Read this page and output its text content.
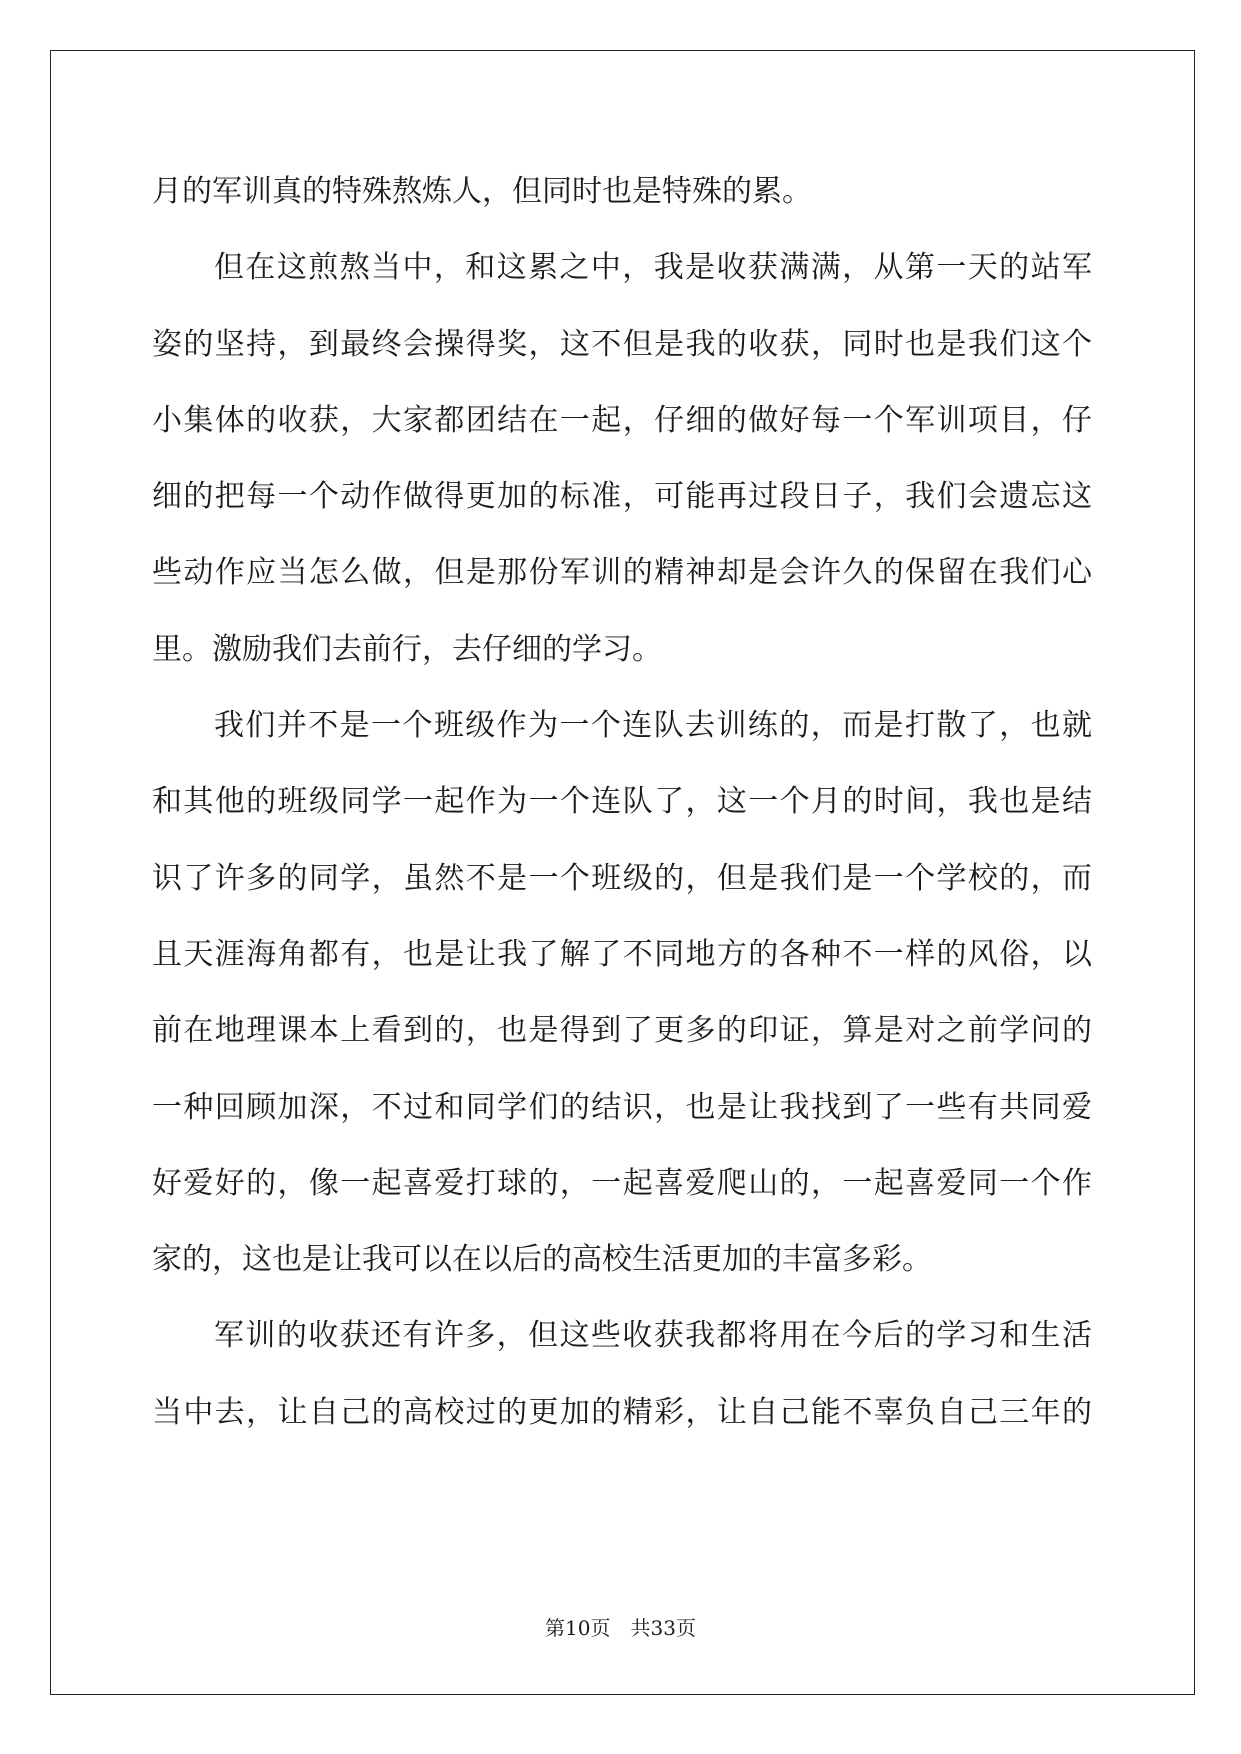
月的军训真的特殊熬炼人，但同时也是特殊的累。
但在这煎熬当中，和这累之中，我是收获满满，从第一天的站军
姿的坚持，到最终会操得奖，这不但是我的收获，同时也是我们这个
小集体的收获，大家都团结在一起，仔细的做好每一个军训项目，仔
细的把每一个动作做得更加的标准，可能再过段日子，我们会遗忘这
些动作应当怎么做，但是那份军训的精神却是会许久的保留在我们心
里。激励我们去前行，去仔细的学习。
我们并不是一个班级作为一个连队去训练的，而是打散了，也就
和其他的班级同学一起作为一个连队了，这一个月的时间，我也是结
识了许多的同学，虽然不是一个班级的，但是我们是一个学校的，而
且天涯海角都有，也是让我了解了不同地方的各种不一样的风俗，以
前在地理课本上看到的，也是得到了更多的印证，算是对之前学问的
一种回顾加深，不过和同学们的结识，也是让我找到了一些有共同爱
好爱好的，像一起喜爱打球的，一起喜爱爬山的，一起喜爱同一个作
家的，这也是让我可以在以后的高校生活更加的丰富多彩。
军训的收获还有许多，但这些收获我都将用在今后的学习和生活
当中去，让自己的高校过的更加的精彩，让自己能不辜负自己三年的
第10页　共33页
